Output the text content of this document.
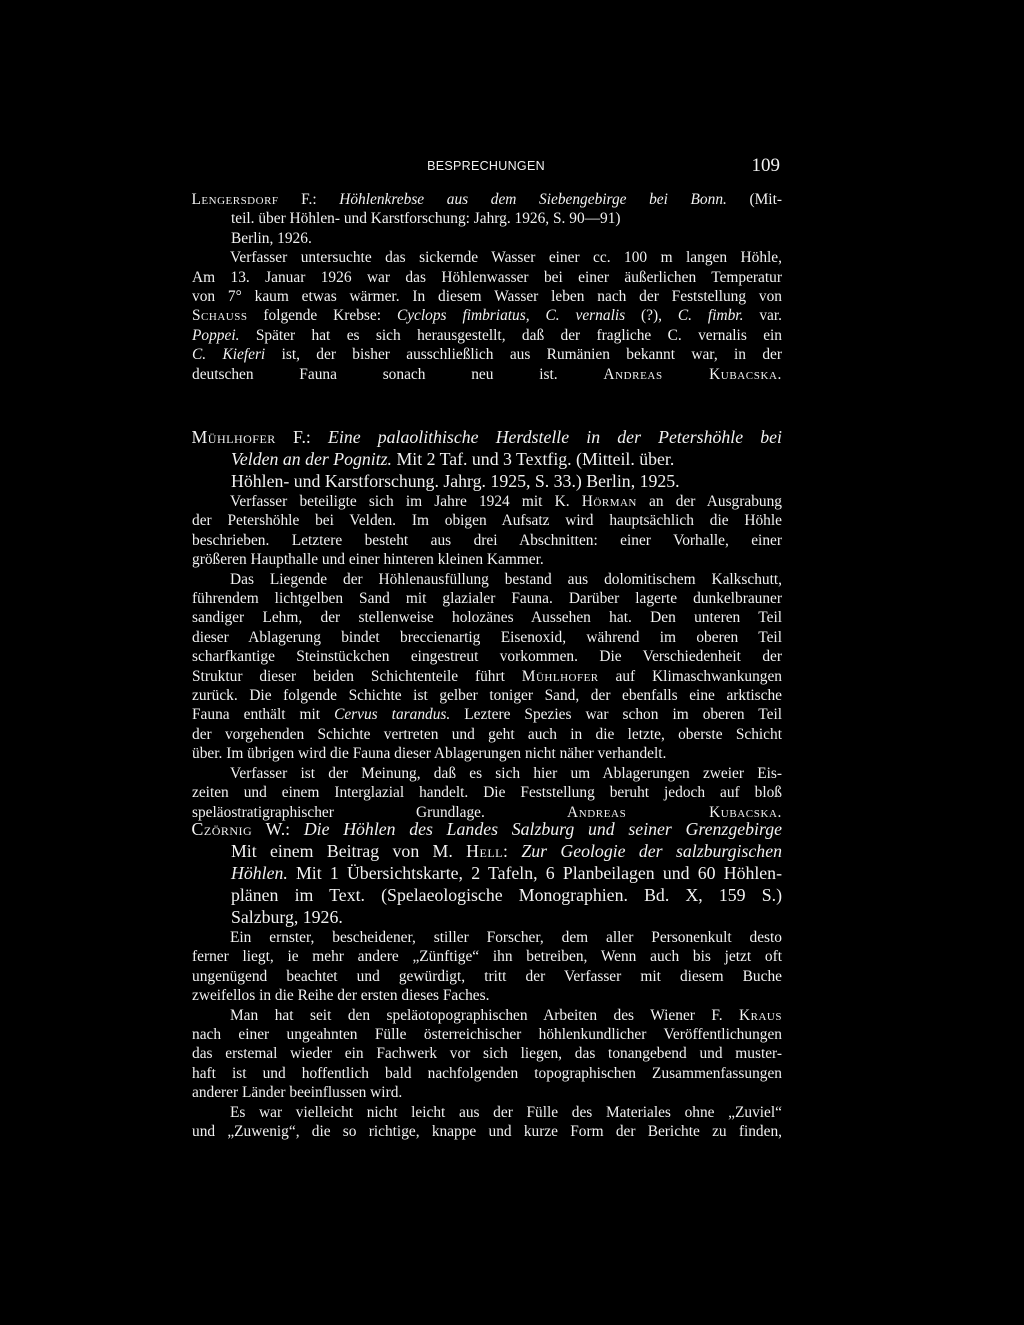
BESPRECHUNGEN	109
Lengersdorf F.: Höhlenkrebse aus dem Siebengebirge bei Bonn. (Mit-
teil. über Höhlen- und Karstforschung: Jahrg. 1926, S. 90—91)
Berlin, 1926.
Verfasser untersuchte das sickernde Wasser einer cc. 100 m langen Höhle,
Am 13. Januar 1926 war das Höhlenwasser bei einer äußerlichen Temperatur
von 7° kaum etwas wärmer. In diesem Wasser leben nach der Feststellung von
Schauss folgende Krebse: Cyclops fimbriatus, C. vernalis (?), C. fimbr. var.
Poppei. Später hat es sich herausgestellt, daß der fragliche C. vernalis ein
C. Kieferi ist, der bisher ausschließlich aus Rumänien bekannt war, in der
deutschen Fauna sonach neu ist.	Andreas Kubacska.
Mühlhofer F.: Eine palaolithische Herdstelle in der Petershöhle bei
Velden an der Pognitz. Mit 2 Taf. und 3 Textfig. (Mitteil. über.
Höhlen- und Karstforschung. Jahrg. 1925, S. 33.) Berlin, 1925.
Verfasser beteiligte sich im Jahre 1924 mit K. Hörman an der Ausgrabung
der Petershöhle bei Velden. Im obigen Aufsatz wird hauptsächlich die Höhle
beschrieben. Letztere besteht aus drei Abschnitten: einer Vorhalle, einer
größeren Haupthalle und einer hinteren kleinen Kammer.
Das Liegende der Höhlenausfüllung bestand aus dolomitischem Kalkschutt,
führendem lichtgelben Sand mit glazialer Fauna. Darüber lagerte dunkelbrauner
sandiger Lehm, der stellenweise holozänes Aussehen hat. Den unteren Teil
dieser Ablagerung bindet breccienartig Eisenoxid, während im oberen Teil
scharfkantige Steinstückchen eingestreut vorkommen. Die Verschiedenheit der
Struktur dieser beiden Schichtenteile führt Mühlhofer auf Klimaschwankungen
zurück. Die folgende Schichte ist gelber toniger Sand, der ebenfalls eine arktische
Fauna enthält mit Cervus tarandus. Leztere Spezies war schon im oberen Teil
der vorgehenden Schichte vertreten und geht auch in die letzte, oberste Schicht
über. Im übrigen wird die Fauna dieser Ablagerungen nicht näher verhandelt.
Verfasser ist der Meinung, daß es sich hier um Ablagerungen zweier Eis-
zeiten und einem Interglazial handelt. Die Feststellung beruht jedoch auf bloß
speläostratigraphischer Grundlage.	Andreas Kubacska.
Czörnig W.: Die Höhlen des Landes Salzburg und seiner Grenzgebirge
Mit einem Beitrag von M. Hell: Zur Geologie der salzburgischen
Höhlen. Mit 1 Übersichtskarte, 2 Tafeln, 6 Planbeilagen und 60 Höhlen-
plänen im Text. (Spelaeologische Monographien. Bd. X, 159 S.)
Salzburg, 1926.
Ein ernster, bescheidener, stiller Forscher, dem aller Personenkult desto
ferner liegt, ie mehr andere „Zünftige“ ihn betreiben, Wenn auch bis jetzt oft
ungenügend beachtet und gewürdigt, tritt der Verfasser mit diesem Buche
zweifellos in die Reihe der ersten dieses Faches.
Man hat seit den speläotopographischen Arbeiten des Wiener F. Kraus
nach einer ungeahnten Fülle österreichischer höhlenkundlicher Veröffentlichungen
das erstemal wieder ein Fachwerk vor sich liegen, das tonangebend und muster-
haft ist und hoffentlich bald nachfolgenden topographischen Zusammenfassungen
anderer Länder beeinflussen wird.
Es war vielleicht nicht leicht aus der Fülle des Materiales ohne „Zuviel“
und „Zuwenig“, die so richtige, knappe und kurze Form der Berichte zu finden,
